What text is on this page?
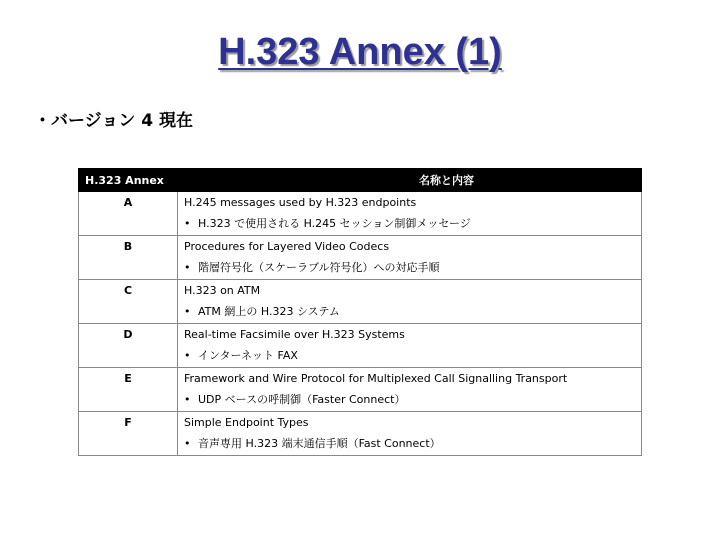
H.323 Annex (1)
・バージョン 4 現在
H.323 Annex	名称と内容
A	H.245 messages used by H.323 endpoints
• H.323 で使用される H.245 セッション制御メッセージ

B	Procedures for Layered Video Codecs
• 階層符号化（スケーラブル符号化）への対応手順

C	H.323 on ATM
• ATM 網上の H.323 システム

D	Real-time Facsimile over H.323 Systems
• インターネット FAX

E	Framework and Wire Protocol for Multiplexed Call Signalling Transport
• UDP ベースの呼制御（Faster Connect）

F	Simple Endpoint Types
• 音声専用 H.323 端末通信手順（Fast Connect）
